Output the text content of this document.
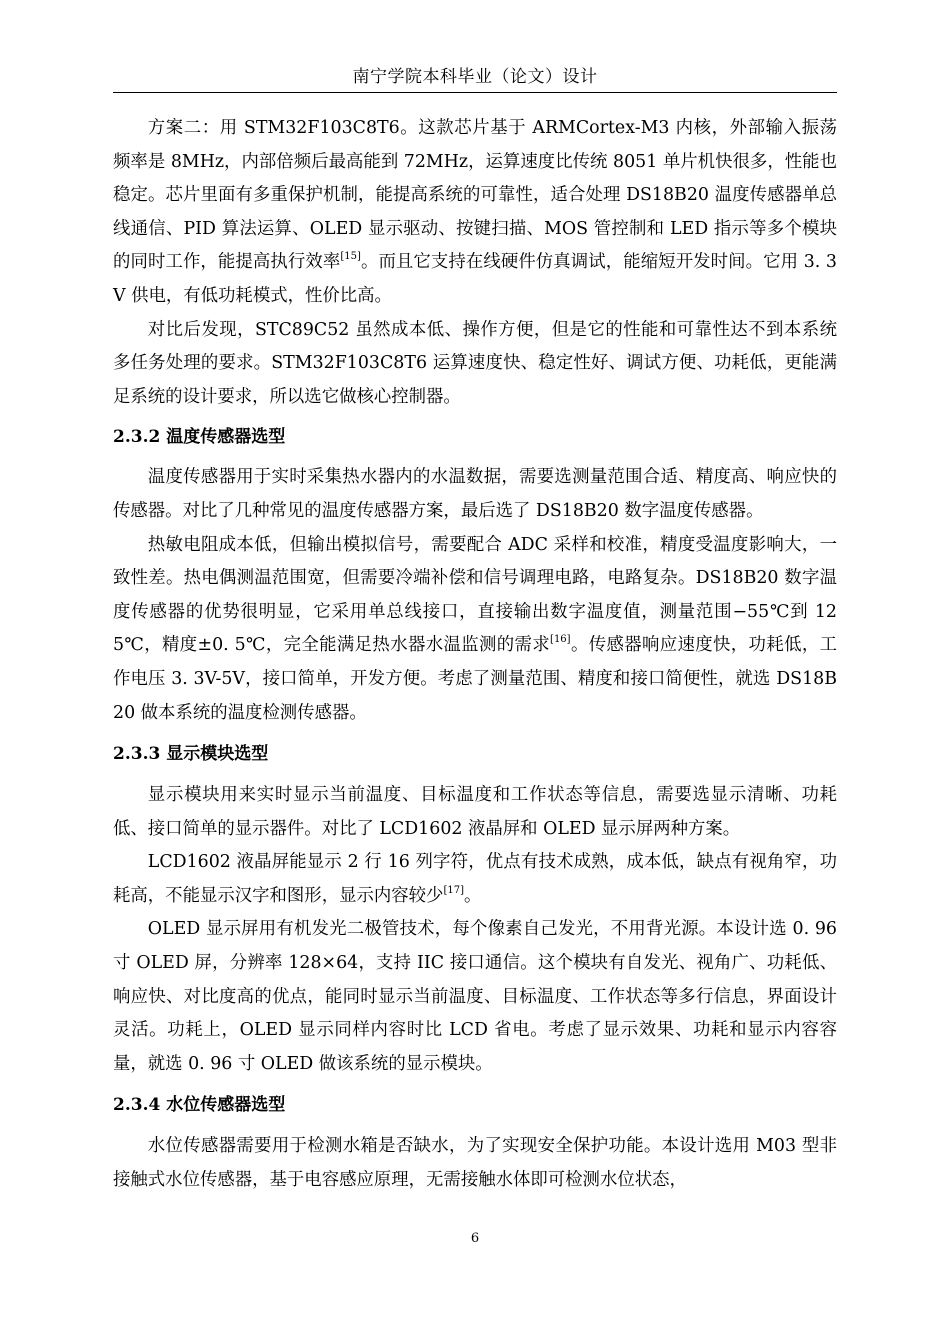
南宁学院本科毕业（论文）设计

方案二：用 STM32F103C8T6。这款芯片基于 ARMCortex-M3 内核，外部输入振荡频率是 8MHz，内部倍频后最高能到 72MHz，运算速度比传统 8051 单片机快很多，性能也稳定。芯片里面有多重保护机制，能提高系统的可靠性，适合处理 DS18B20 温度传感器单总线通信、PID 算法运算、OLED 显示驱动、按键扫描、MOS 管控制和 LED 指示等多个模块的同时工作，能提高执行效率[15]。而且它支持在线硬件仿真调试，能缩短开发时间。它用 3. 3V 供电，有低功耗模式，性价比高。

对比后发现，STC89C52 虽然成本低、操作方便，但是它的性能和可靠性达不到本系统多任务处理的要求。STM32F103C8T6 运算速度快、稳定性好、调试方便、功耗低，更能满足系统的设计要求，所以选它做核心控制器。

2.3.2 温度传感器选型

温度传感器用于实时采集热水器内的水温数据，需要选测量范围合适、精度高、响应快的传感器。对比了几种常见的温度传感器方案，最后选了 DS18B20 数字温度传感器。

热敏电阻成本低，但输出模拟信号，需要配合 ADC 采样和校准，精度受温度影响大，一致性差。热电偶测温范围宽，但需要冷端补偿和信号调理电路，电路复杂。DS18B20 数字温度传感器的优势很明显，它采用单总线接口，直接输出数字温度值，测量范围−55℃到 125℃，精度±0. 5℃，完全能满足热水器水温监测的需求[16]。传感器响应速度快，功耗低，工作电压 3. 3V-5V，接口简单，开发方便。考虑了测量范围、精度和接口简便性，就选 DS18B20 做本系统的温度检测传感器。

2.3.3 显示模块选型

显示模块用来实时显示当前温度、目标温度和工作状态等信息，需要选显示清晰、功耗低、接口简单的显示器件。对比了 LCD1602 液晶屏和 OLED 显示屏两种方案。

LCD1602 液晶屏能显示 2 行 16 列字符，优点有技术成熟，成本低，缺点有视角窄，功耗高，不能显示汉字和图形，显示内容较少[17]。

OLED 显示屏用有机发光二极管技术，每个像素自己发光，不用背光源。本设计选 0. 96 寸 OLED 屏，分辨率 128×64，支持 IIC 接口通信。这个模块有自发光、视角广、功耗低、响应快、对比度高的优点，能同时显示当前温度、目标温度、工作状态等多行信息，界面设计灵活。功耗上，OLED 显示同样内容时比 LCD 省电。考虑了显示效果、功耗和显示内容容量，就选 0. 96 寸 OLED 做该系统的显示模块。

2.3.4 水位传感器选型

水位传感器需要用于检测水箱是否缺水，为了实现安全保护功能。本设计选用 M03 型非接触式水位传感器，基于电容感应原理，无需接触水体即可检测水位状态，

6
